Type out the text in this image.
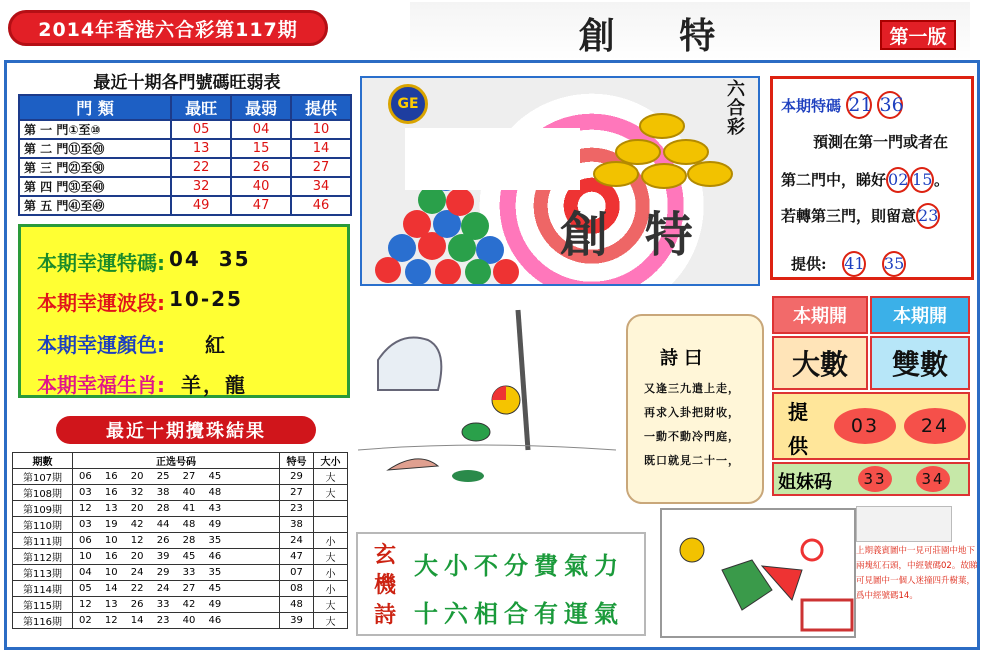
2014年香港六合彩第117期	創 特	第一版
最近十期各門號碼旺弱表
門 類	最旺	最弱	提供
第 一 門①至⑩	05	04	10
第 二 門⑪至⑳	13	15	14
第 三 門㉑至㉚	22	26	27
第 四 門㉛至㊵	32	40	34
第 五 門㊶至㊾	49	47	46
本期幸運特碼: 04  35
本期幸運波段: 10-25
本期幸運顏色: 紅
本期幸福生肖: 羊，龍
最近十期攪珠結果
期數	正选号码	特号	大小
第107期	06 16 20 25 27 45	29	大
第108期	03 16 32 38 40 48	27	大
第109期	12 13 20 28 41 43	23	
第110期	03 19 42 44 48 49	38	
第111期	06 10 12 26 28 35	24	小
第112期	10 16 20 39 45 46	47	大
第113期	04 10 24 29 33 35	07	小
第114期	05 14 22 24 27 45	08	小
第115期	12 13 26 33 42 49	48	大
第116期	02 12 14 23 40 46	39	大
GE
六合彩
創 特
本期特碼 21 36
預測在第一門或者在
第二門中，睇好 02 15 。
若轉第三門，則留意 23
提供: 41 35
本期開	本期開
大數	雙數
提
供
03	24
姐妹码	33	34
詩 曰
又逢三九遣上走，
再求入卦把財收，
一動不動冷門庭，
既口就見二十一，
玄
機
詩
大小不分費氣力
十六相合有運氣
上期義賓圖中一見可莊園中地下兩塊紅石頭，中經號碼02。故睇可見圖中一個人迷撞四升樹葉，爲中經號碼14。
